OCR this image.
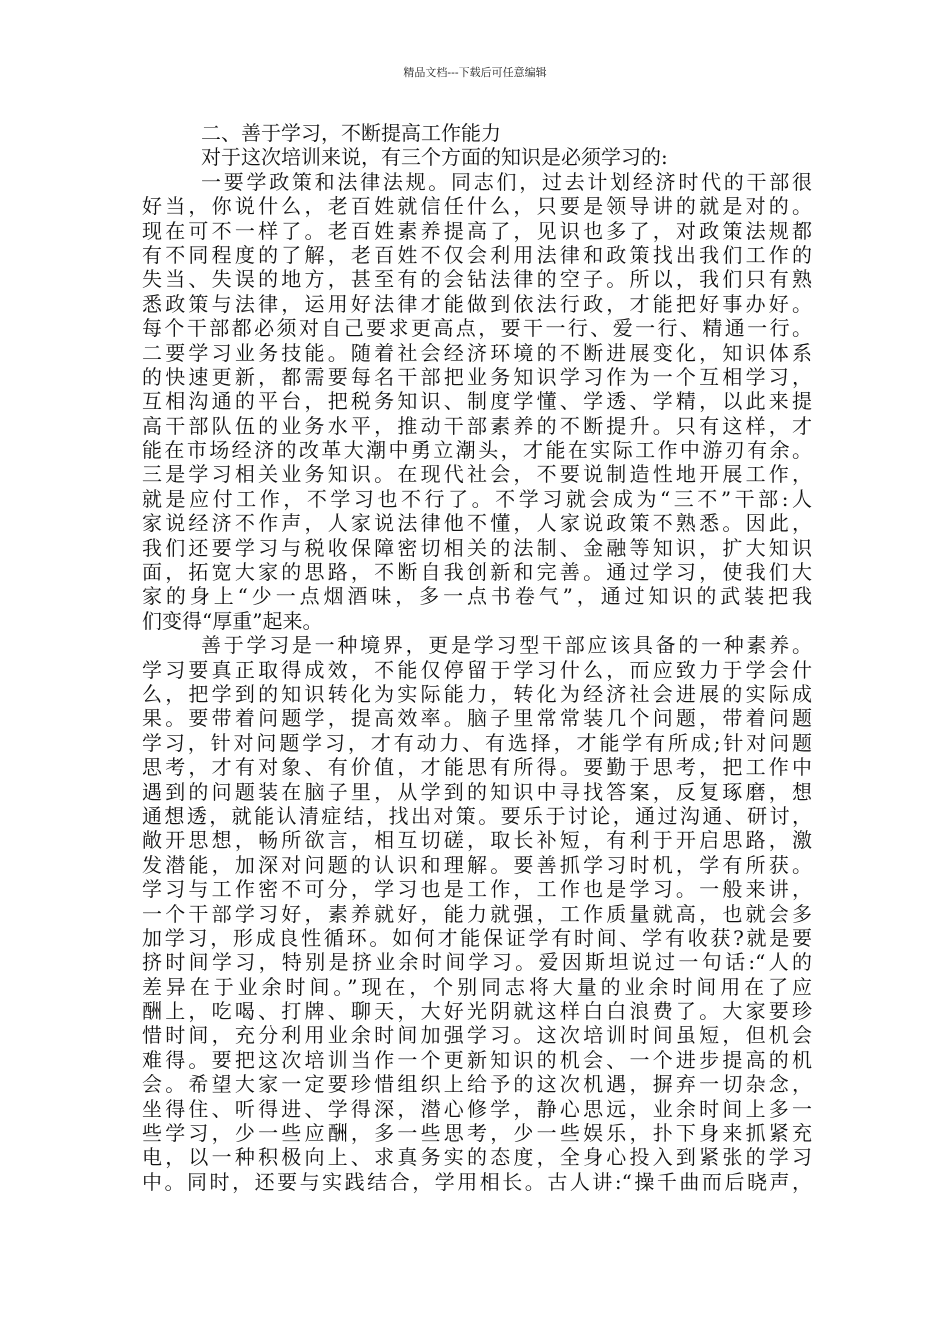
精品文档---下载后可任意编辑
二、善于学习，不断提高工作能力
对于这次培训来说，有三个方面的知识是必须学习的:
一要学政策和法律法规。同志们，过去计划经济时代的干部很
好当，你说什么，老百姓就信任什么，只要是领导讲的就是对的。
现在可不一样了。老百姓素养提高了，见识也多了，对政策法规都
有不同程度的了解，老百姓不仅会利用法律和政策找出我们工作的
失当、失误的地方，甚至有的会钻法律的空子。所以，我们只有熟
悉政策与法律，运用好法律才能做到依法行政，才能把好事办好。
每个干部都必须对自己要求更高点，要干一行、爱一行、精通一行。
二要学习业务技能。随着社会经济环境的不断进展变化，知识体系
的快速更新，都需要每名干部把业务知识学习作为一个互相学习，
互相沟通的平台，把税务知识、制度学懂、学透、学精，以此来提
高干部队伍的业务水平，推动干部素养的不断提升。只有这样，才
能在市场经济的改革大潮中勇立潮头，才能在实际工作中游刃有余。
三是学习相关业务知识。在现代社会，不要说制造性地开展工作，
就是应付工作，不学习也不行了。不学习就会成为“三不”干部:人
家说经济不作声，人家说法律他不懂，人家说政策不熟悉。因此，
我们还要学习与税收保障密切相关的法制、金融等知识，扩大知识
面，拓宽大家的思路，不断自我创新和完善。通过学习，使我们大
家的身上“少一点烟酒味，多一点书卷气”，通过知识的武装把我
们变得“厚重”起来。
善于学习是一种境界，更是学习型干部应该具备的一种素养。
学习要真正取得成效，不能仅停留于学习什么，而应致力于学会什
么，把学到的知识转化为实际能力，转化为经济社会进展的实际成
果。要带着问题学，提高效率。脑子里常常装几个问题，带着问题
学习，针对问题学习，才有动力、有选择，才能学有所成;针对问题
思考，才有对象、有价值，才能思有所得。要勤于思考，把工作中
遇到的问题装在脑子里，从学到的知识中寻找答案，反复琢磨，想
通想透，就能认清症结，找出对策。要乐于讨论，通过沟通、研讨，
敞开思想，畅所欲言，相互切磋，取长补短，有利于开启思路，激
发潜能，加深对问题的认识和理解。要善抓学习时机，学有所获。
学习与工作密不可分，学习也是工作，工作也是学习。一般来讲，
一个干部学习好，素养就好，能力就强，工作质量就高，也就会多
加学习，形成良性循环。如何才能保证学有时间、学有收获?就是要
挤时间学习，特别是挤业余时间学习。爱因斯坦说过一句话:“人的
差异在于业余时间。”现在，个别同志将大量的业余时间用在了应
酬上，吃喝、打牌、聊天，大好光阴就这样白白浪费了。大家要珍
惜时间，充分利用业余时间加强学习。这次培训时间虽短，但机会
难得。要把这次培训当作一个更新知识的机会、一个进步提高的机
会。希望大家一定要珍惜组织上给予的这次机遇，摒弃一切杂念，
坐得住、听得进、学得深，潜心修学，静心思远，业余时间上多一
些学习，少一些应酬，多一些思考，少一些娱乐，扑下身来抓紧充
电，以一种积极向上、求真务实的态度，全身心投入到紧张的学习
中。同时，还要与实践结合，学用相长。古人讲:“操千曲而后晓声，
